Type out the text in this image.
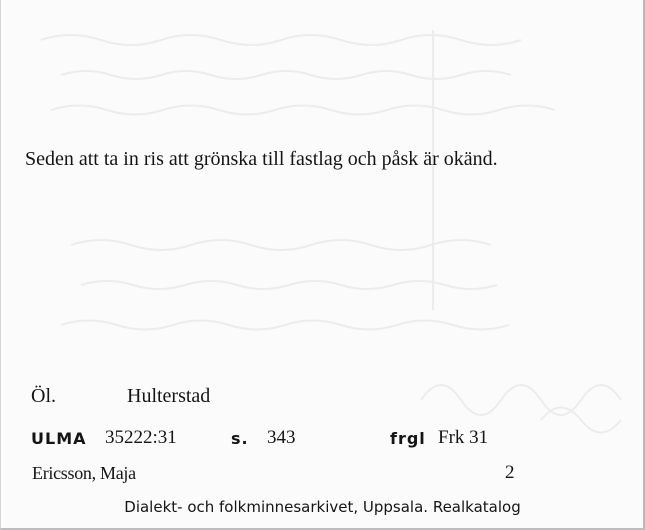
Seden att ta in ris att grönska till fastlag och påsk är okänd.
Öl.	Hulterstad
ULMA 35222:31	s. 343	frgl Frk 31
Ericsson, Maja	2
Dialekt- och folkminnesarkivet, Uppsala. Realkatalog
